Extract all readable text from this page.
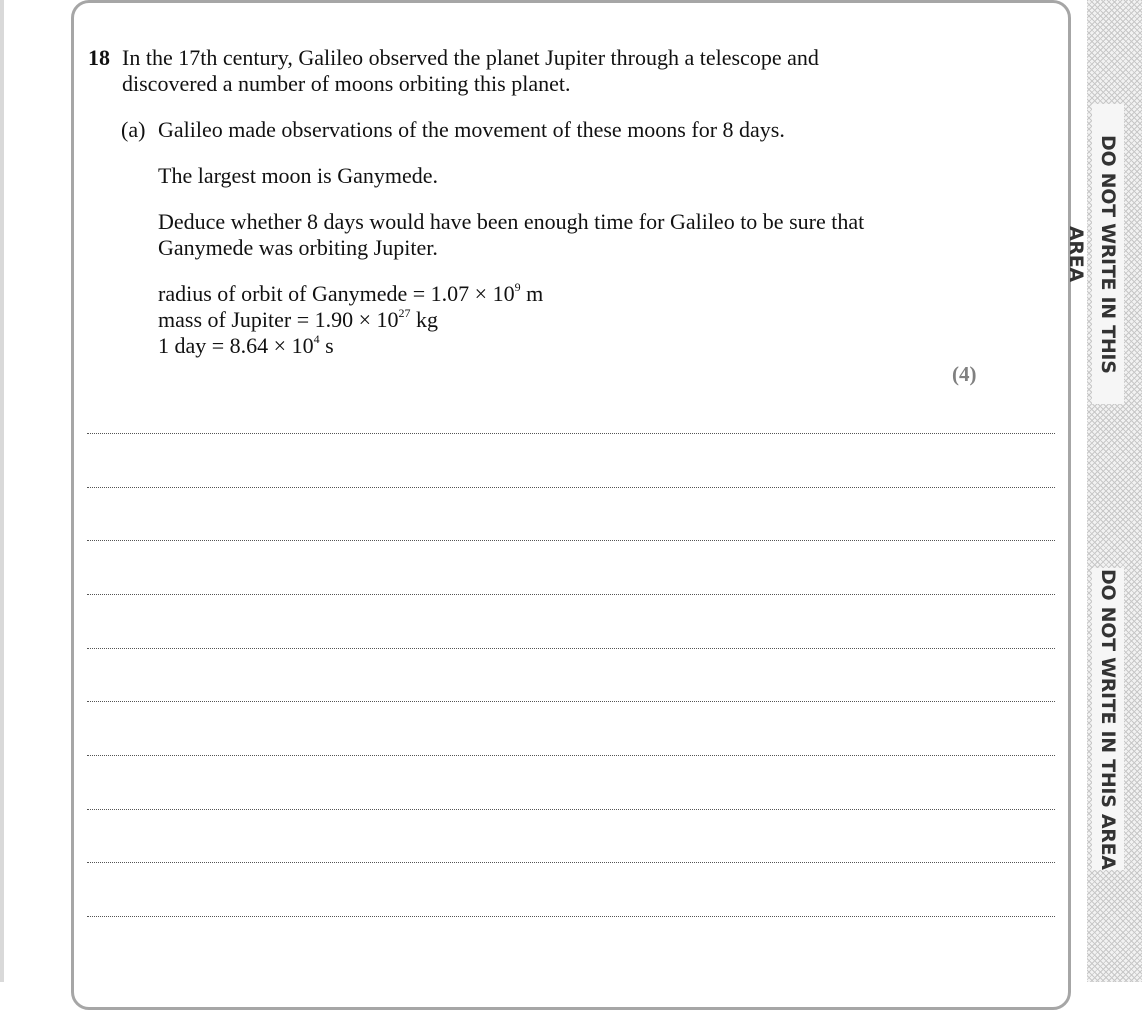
DO NOT WRITE IN THIS AREA
DO NOT WRITE IN THIS AREA
18 In the 17th century, Galileo observed the planet Jupiter through a telescope and
discovered a number of moons orbiting this planet.
(a) Galileo made observations of the movement of these moons for 8 days.
The largest moon is Ganymede.
Deduce whether 8 days would have been enough time for Galileo to be sure that
Ganymede was orbiting Jupiter.
radius of orbit of Ganymede = $1.07 \times 10^9$ m
mass of Jupiter = $1.90 \times 10^{27}$ kg
1 day = $8.64 \times 10^4$ s
(4)
